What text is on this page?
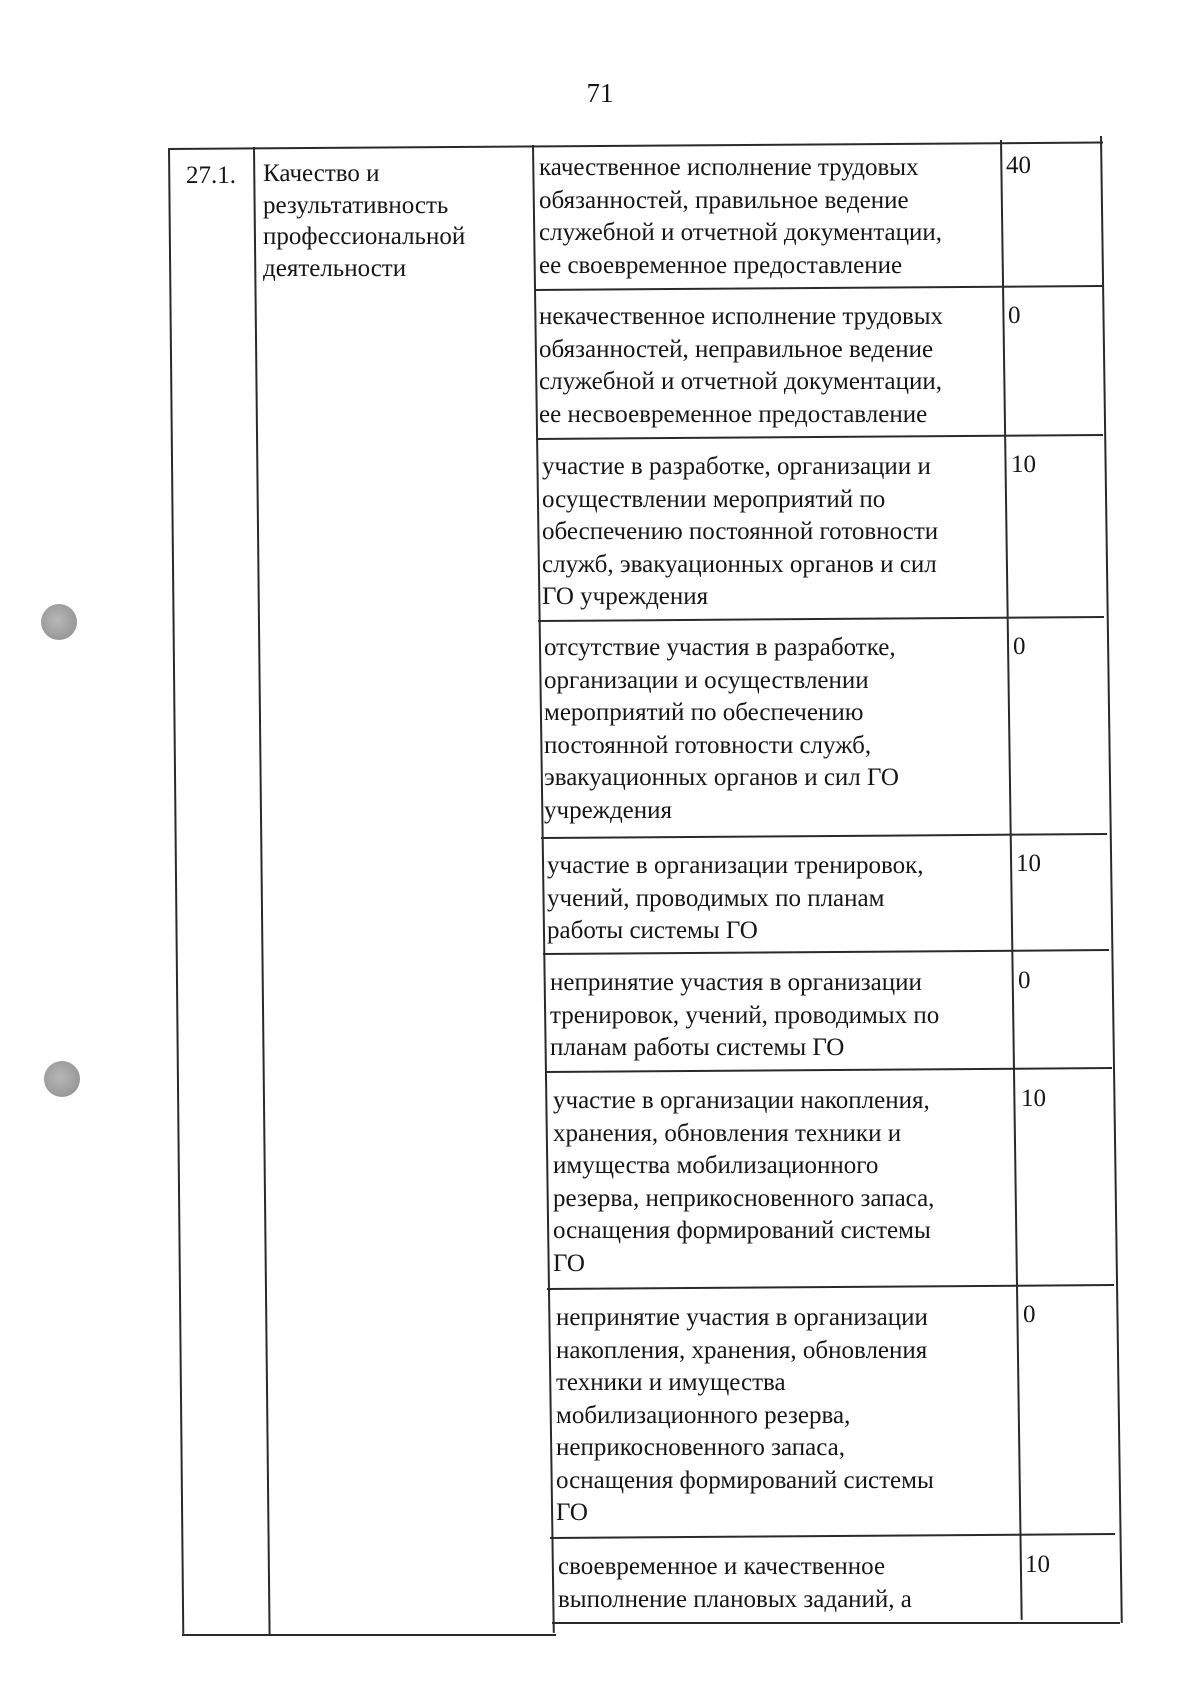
71
27.1. Качество и
результативность
профессиональной
деятельности
качественное исполнение трудовых
обязанностей, правильное ведение
служебной и отчетной документации,
ее своевременное предоставление
40
некачественное исполнение трудовых
обязанностей, неправильное ведение
служебной и отчетной документации,
ее несвоевременное предоставление
0
участие в разработке, организации и
осуществлении мероприятий по
обеспечению постоянной готовности
служб, эвакуационных органов и сил
ГО учреждения
10
отсутствие участия в разработке,
организации и осуществлении
мероприятий по обеспечению
постоянной готовности служб,
эвакуационных органов и сил ГО
учреждения
0
участие в организации тренировок,
учений, проводимых по планам
работы системы ГО
10
непринятие участия в организации
тренировок, учений, проводимых по
планам работы системы ГО
0
участие в организации накопления,
хранения, обновления техники и
имущества мобилизационного
резерва, неприкосновенного запаса,
оснащения формирований системы
ГО
10
непринятие участия в организации
накопления, хранения, обновления
техники и имущества
мобилизационного резерва,
неприкосновенного запаса,
оснащения формирований системы
ГО
0
своевременное и качественное
выполнение плановых заданий, а
10
